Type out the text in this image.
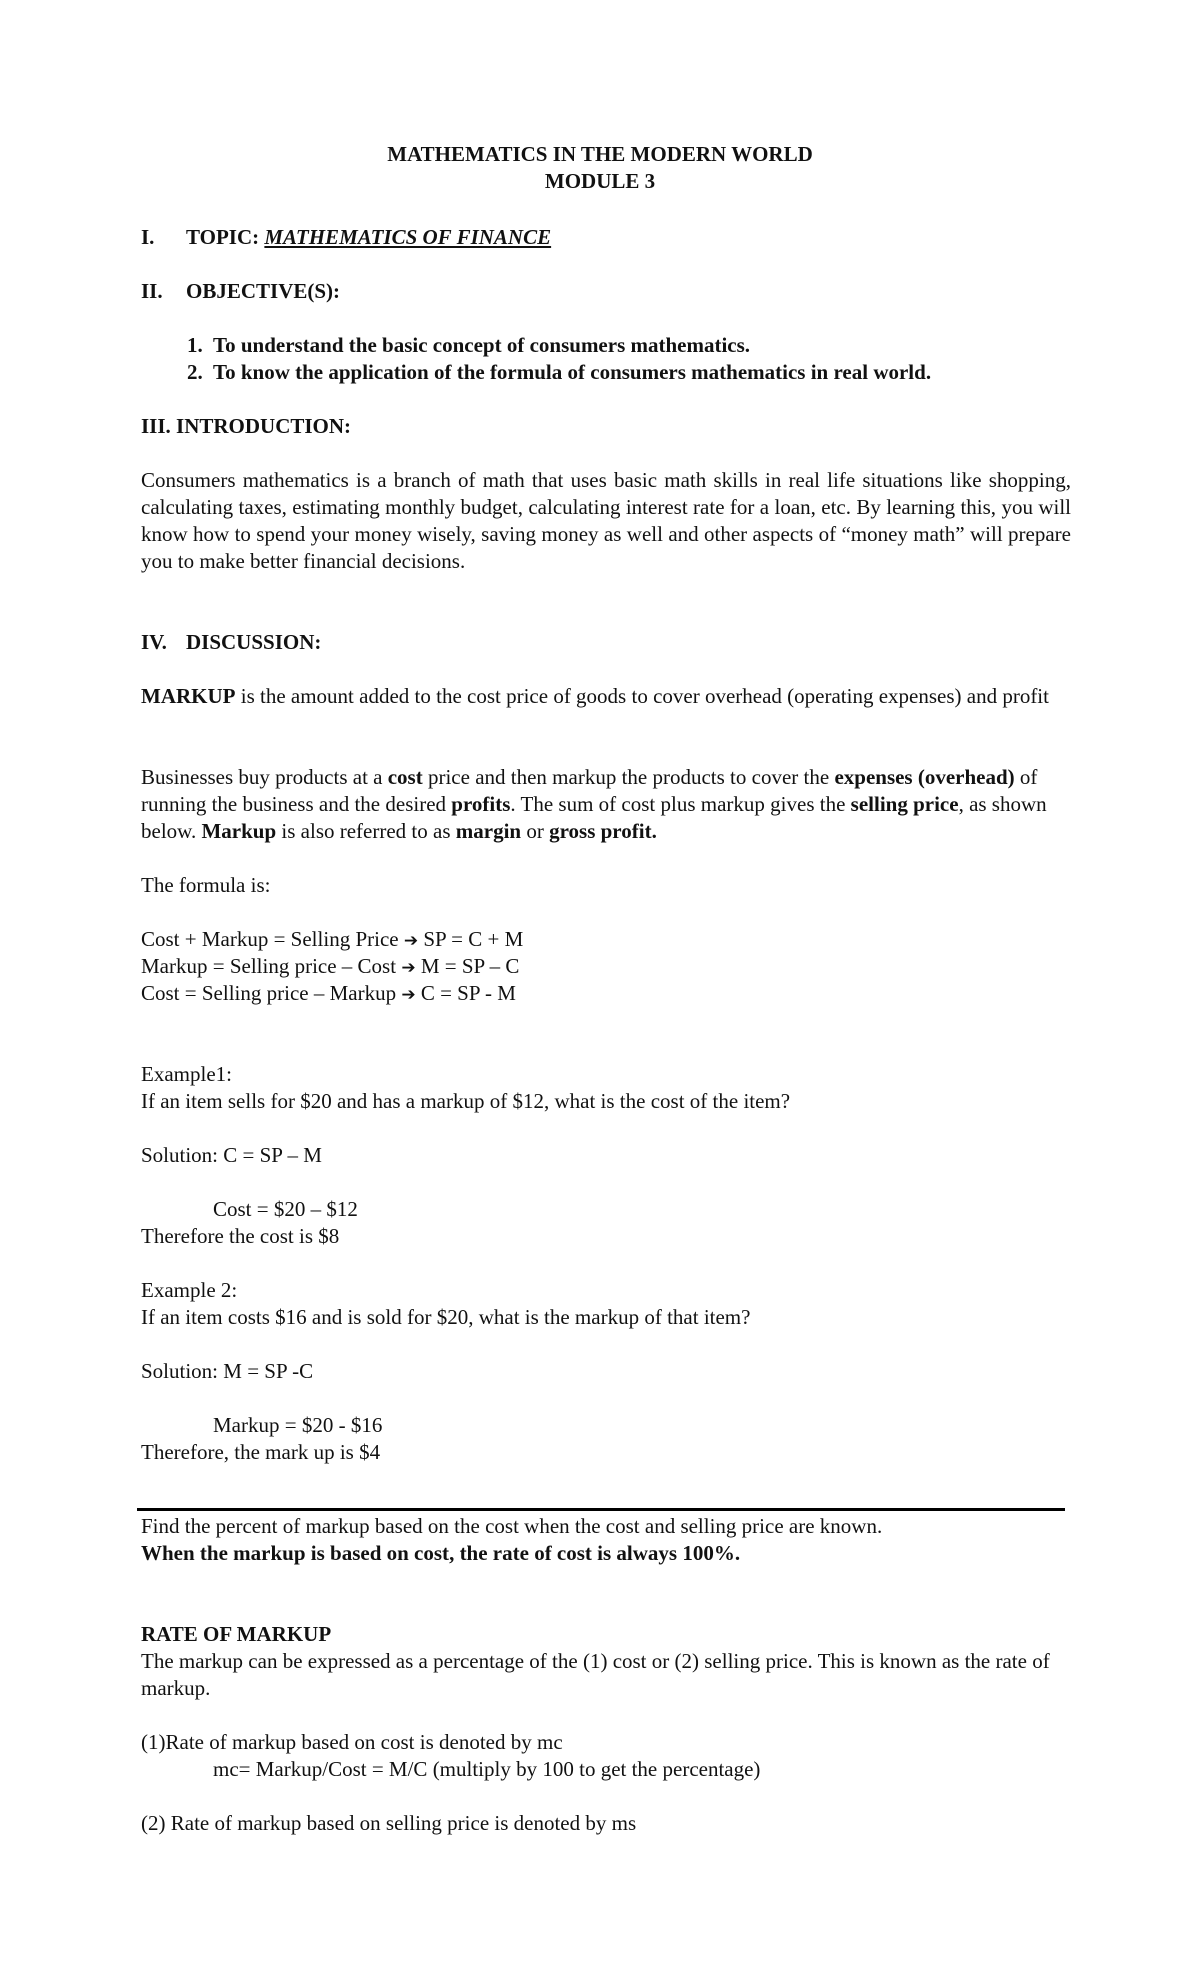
MATHEMATICS IN THE MODERN WORLD
MODULE 3
I. TOPIC: MATHEMATICS OF FINANCE
II. OBJECTIVE(S):
1. To understand the basic concept of consumers mathematics.
2. To know the application of the formula of consumers mathematics in real world.
III. INTRODUCTION:

Consumers mathematics is a branch of math that uses basic math skills in real life situations like shopping, calculating taxes, estimating monthly budget, calculating interest rate for a loan, etc. By learning this, you will know how to spend your money wisely, saving money as well and other aspects of “money math” will prepare you to make better financial decisions.

IV. DISCUSSION:

MARKUP is the amount added to the cost price of goods to cover overhead (operating expenses) and profit

Businesses buy products at a cost price and then markup the products to cover the expenses (overhead) of running the business and the desired profits. The sum of cost plus markup gives the selling price, as shown below. Markup is also referred to as margin or gross profit.

The formula is:
Cost + Markup = Selling Price ➔ SP = C + M
Markup = Selling price – Cost ➔ M = SP – C
Cost = Selling price – Markup ➔ C = SP - M
Example1:
If an item sells for $20 and has a markup of $12, what is the cost of the item?
Solution: C = SP – M
Cost = $20 – $12
Therefore the cost is $8
Example 2:
If an item costs $16 and is sold for $20, what is the markup of that item?
Solution: M = SP -C
Markup = $20 - $16
Therefore, the mark up is $4
Find the percent of markup based on the cost when the cost and selling price are known.
When the markup is based on cost, the rate of cost is always 100%.
RATE OF MARKUP

The markup can be expressed as a percentage of the (1) cost or (2) selling price. This is known as the rate of markup.

(1)Rate of markup based on cost is denoted by mc
mc= Markup/Cost = M/C (multiply by 100 to get the percentage)
(2) Rate of markup based on selling price is denoted by ms
